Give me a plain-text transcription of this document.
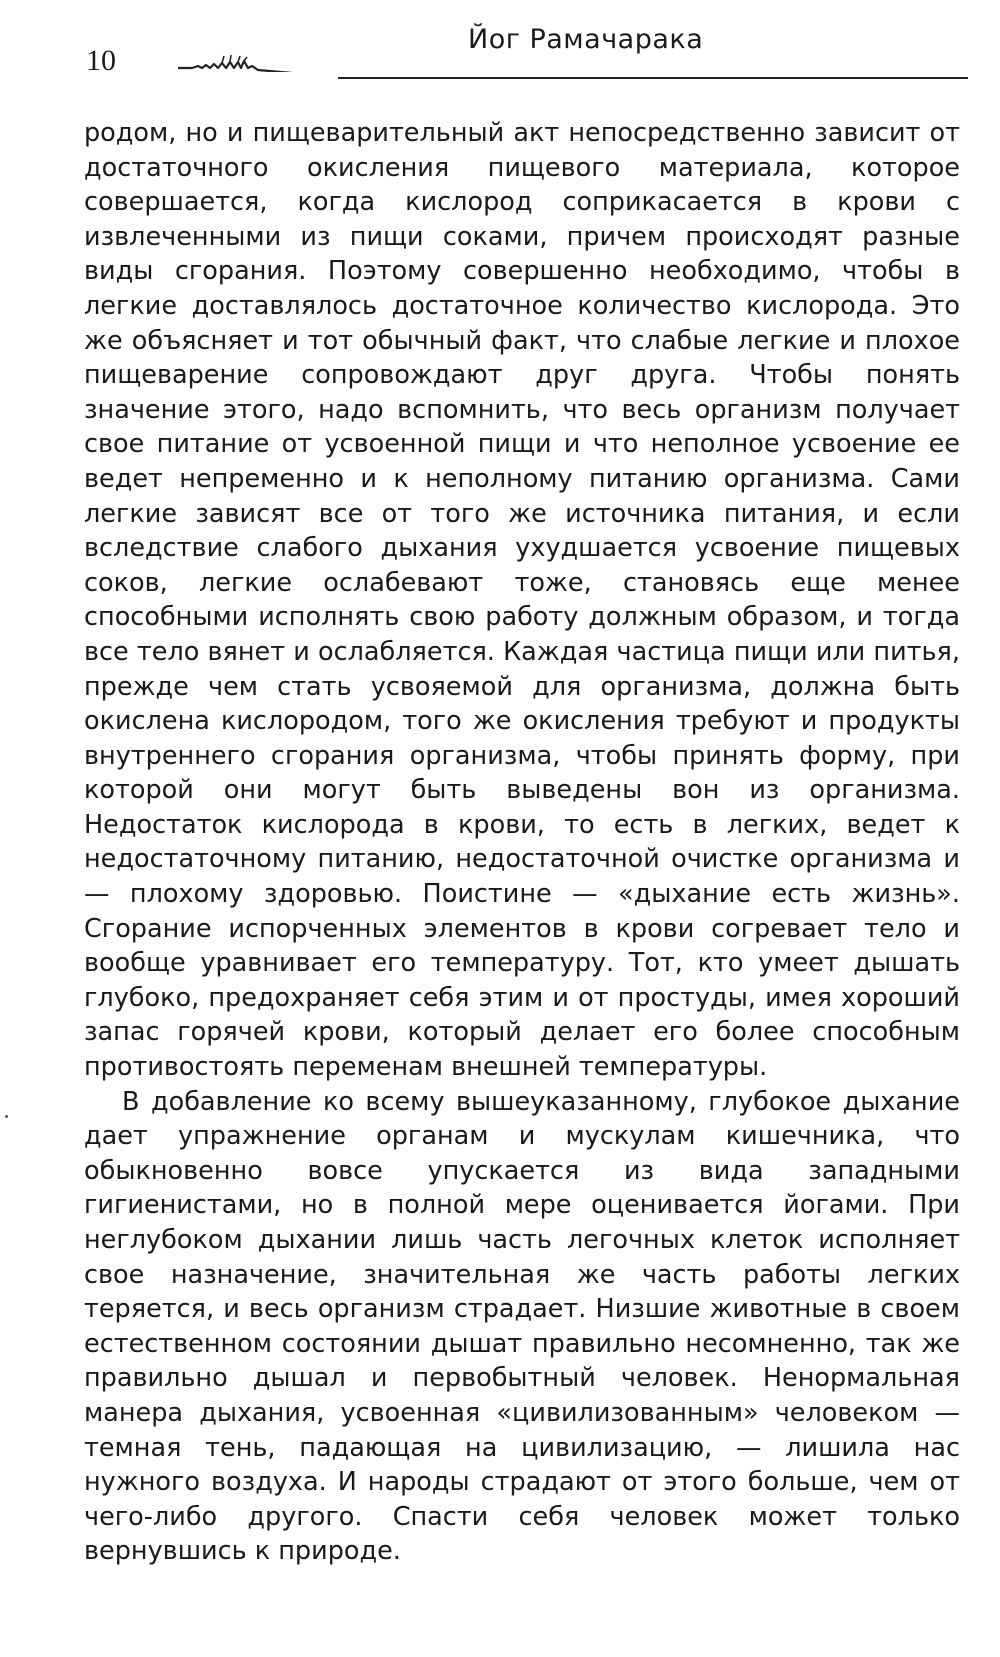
10
Йог Рамачарака

родом, но и пищеварительный акт непосредственно зависит от достаточного окисления пищевого материала, которое совершается, когда кислород соприкасается в крови с извлеченными из пищи соками, причем происходят разные виды сгорания. Поэтому совершенно необходимо, чтобы в легкие доставлялось достаточное количество кислорода. Это же объясняет и тот обычный факт, что слабые легкие и плохое пищеварение сопровождают друг друга. Чтобы понять значение этого, надо вспомнить, что весь организм получает свое питание от усвоенной пищи и что неполное усвоение ее ведет непременно и к неполному питанию организма. Сами легкие зависят все от того же источника питания, и если вследствие слабого дыхания ухудшается усвоение пищевых соков, легкие ослабевают тоже, становясь еще менее способными исполнять свою работу должным образом, и тогда все тело вянет и ослабляется. Каждая частица пищи или питья, прежде чем стать усвояемой для организма, должна быть окислена кислородом, того же окисления требуют и продукты внутреннего сгорания организма, чтобы принять форму, при которой они могут быть выведены вон из организма. Недостаток кислорода в крови, то есть в легких, ведет к недостаточному питанию, недостаточной очистке организма и — плохому здоровью. Поистине — «дыхание есть жизнь». Сгорание испорченных элементов в крови согревает тело и вообще уравнивает его температуру. Тот, кто умеет дышать глубоко, предохраняет себя этим и от простуды, имея хороший запас горячей крови, который делает его более способным противостоять переменам внешней температуры.

В добавление ко всему вышеуказанному, глубокое дыхание дает упражнение органам и мускулам кишечника, что обыкновенно вовсе упускается из вида западными гигиенистами, но в полной мере оценивается йогами. При неглубоком дыхании лишь часть легочных клеток исполняет свое назначение, значительная же часть работы легких теряется, и весь организм страдает. Низшие животные в своем естественном состоянии дышат правильно несомненно, так же правильно дышал и первобытный человек. Ненормальная манера дыхания, усвоенная «цивилизованным» человеком — темная тень, падающая на цивилизацию, — лишила нас нужного воздуха. И народы страдают от этого больше, чем от чего-либо другого. Спасти себя человек может только вернувшись к природе.
